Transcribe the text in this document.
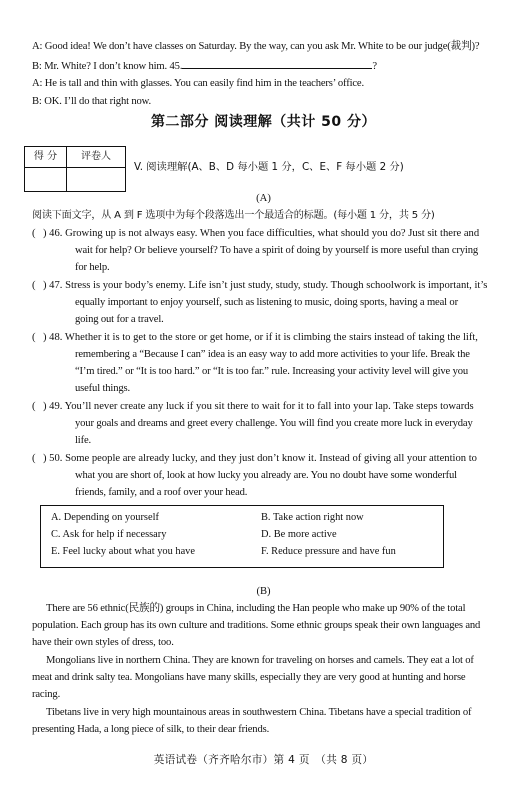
A: Good idea! We don’t have classes on Saturday. By the way, can you ask Mr. White to be our judge(裁判)?
B: Mr. White? I don’t know him. 45.	?
A: He is tall and thin with glasses. You can easily find him in the teachers’ office.
B: OK. I’ll do that right now.
第二部分 阅读理解（共计 50 分）
得 分	评卷人
V. 阅读理解(A、B、D 每小题 1 分，C、E、F 每小题 2 分)
(A)
阅读下面文字，从 A 到 F 选项中为每个段落选出一个最适合的标题。(每小题 1 分，共 5 分)
( ) 46. Growing up is not always easy. When you face difficulties, what should you do? Just sit there and
wait for help? Or believe yourself? To have a spirit of doing by yourself is more useful than crying
for help.
( ) 47. Stress is your body’s enemy. Life isn’t just study, study, study. Though schoolwork is important, it’s
equally important to enjoy yourself, such as listening to music, doing sports, having a meal or
going out for a travel.
( ) 48. Whether it is to get to the store or get home, or if it is climbing the stairs instead of taking the lift,
remembering a “Because I can” idea is an easy way to add more activities to your life. Break the
“I’m tired.” or “It is too hard.” or “It is too far.” rule. Increasing your activity level will give you
useful things.
( ) 49. You’ll never create any luck if you sit there to wait for it to fall into your lap. Take steps towards
your goals and dreams and greet every challenge. You will find you create more luck in everyday
life.
( ) 50. Some people are already lucky, and they just don’t know it. Instead of giving all your attention to
what you are short of, look at how lucky you already are. You no doubt have some wonderful
friends, family, and a roof over your head.
A. Depending on yourself	B. Take action right now
C. Ask for help if necessary	D. Be more active
E. Feel lucky about what you have	F. Reduce pressure and have fun
(B)
There are 56 ethnic(民族的) groups in China, including the Han people who make up 90% of the total
population. Each group has its own culture and traditions. Some ethnic groups speak their own languages and
have their own styles of dress, too.
Mongolians live in northern China. They are known for traveling on horses and camels. They eat a lot of
meat and drink salty tea. Mongolians have many skills, especially they are very good at hunting and horse
racing.
Tibetans live in very high mountainous areas in southwestern China. Tibetans have a special tradition of
presenting Hada, a long piece of silk, to their dear friends.
英语试卷（齐齐哈尔市）第 4 页　（共 8 页）
